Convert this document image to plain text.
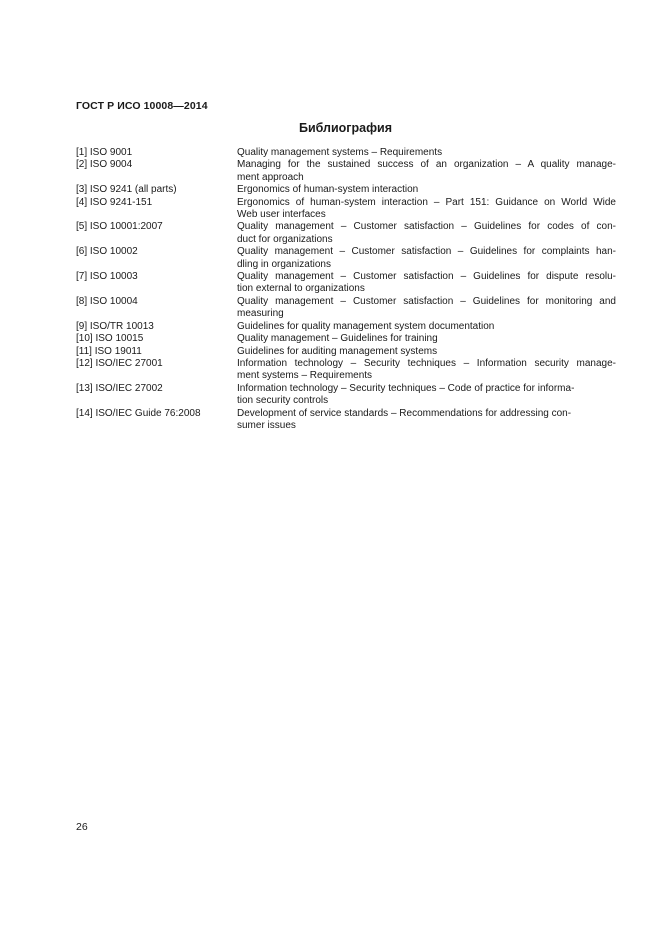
ГОСТ Р ИСО 10008—2014
Библиография
[1] ISO 9001	Quality management systems – Requirements
[2] ISO 9004	Managing for the sustained success of an organization – A quality manage-
ment approach
[3] ISO 9241 (all parts)	Ergonomics of human-system interaction
[4] ISO 9241-151	Ergonomics of human-system interaction – Part 151: Guidance on World Wide
Web user interfaces
[5] ISO 10001:2007	Quality management – Customer satisfaction – Guidelines for codes of con-
duct for organizations
[6] ISO 10002	Quality management – Customer satisfaction – Guidelines for complaints han-
dling in organizations
[7] ISO 10003	Quality management – Customer satisfaction – Guidelines for dispute resolu-
tion external to organizations
[8] ISO 10004	Quality management – Customer satisfaction – Guidelines for monitoring and
measuring
[9] ISO/TR 10013	Guidelines for quality management system documentation
[10] ISO 10015	Quality management – Guidelines for training
[11] ISO 19011	Guidelines for auditing management systems
[12] ISO/IEC 27001	Information technology – Security techniques – Information security manage-
ment systems – Requirements
[13] ISO/IEC 27002	Information technology – Security techniques – Code of practice for informa-
tion security controls
[14] ISO/IEC Guide 76:2008	Development of service standards – Recommendations for addressing con-
sumer issues
26
